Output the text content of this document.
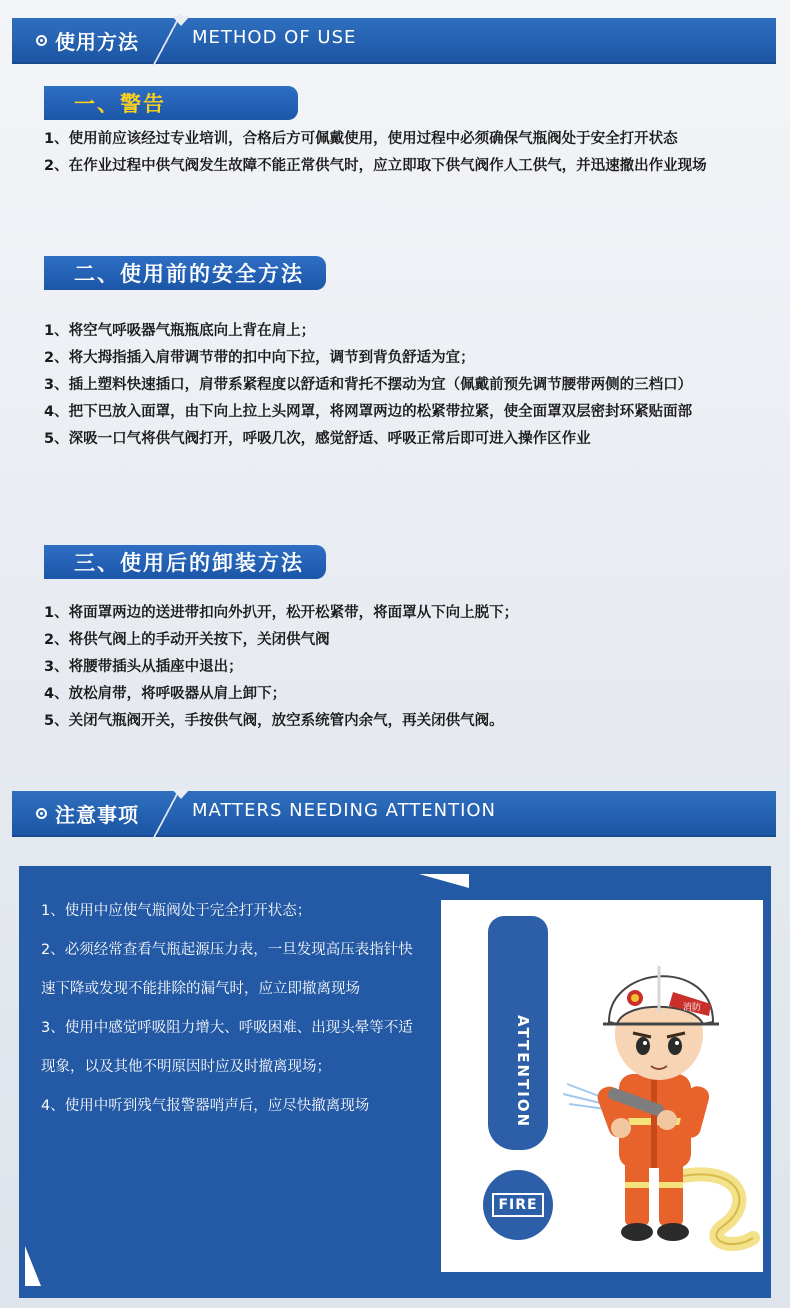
使用方法	METHOD OF USE
一、警告
1、使用前应该经过专业培训，合格后方可佩戴使用，使用过程中必须确保气瓶阀处于安全打开状态
2、在作业过程中供气阀发生故障不能正常供气时，应立即取下供气阀作人工供气，并迅速撤出作业现场
二、使用前的安全方法
1、将空气呼吸器气瓶瓶底向上背在肩上；
2、将大拇指插入肩带调节带的扣中向下拉，调节到背负舒适为宜；
3、插上塑料快速插口，肩带系紧程度以舒适和背托不摆动为宜（佩戴前预先调节腰带两侧的三档口）
4、把下巴放入面罩，由下向上拉上头网罩，将网罩两边的松紧带拉紧，使全面罩双层密封环紧贴面部
5、深吸一口气将供气阀打开，呼吸几次，感觉舒适、呼吸正常后即可进入操作区作业
三、使用后的卸装方法
1、将面罩两边的送进带扣向外扒开，松开松紧带，将面罩从下向上脱下；
2、将供气阀上的手动开关按下，关闭供气阀
3、将腰带插头从插座中退出；
4、放松肩带，将呼吸器从肩上卸下；
5、关闭气瓶阀开关，手按供气阀，放空系统管内余气，再关闭供气阀。
注意事项	MATTERS NEEDING ATTENTION
1、使用中应使气瓶阀处于完全打开状态；
2、必须经常查看气瓶起源压力表，一旦发现高压表指针快速下降或发现不能排除的漏气时，应立即撤离现场
3、使用中感觉呼吸阻力增大、呼吸困难、出现头晕等不适现象，以及其他不明原因时应及时撤离现场；
4、使用中听到残气报警器哨声后，应尽快撤离现场	ATTENTION
FIRE
消防
